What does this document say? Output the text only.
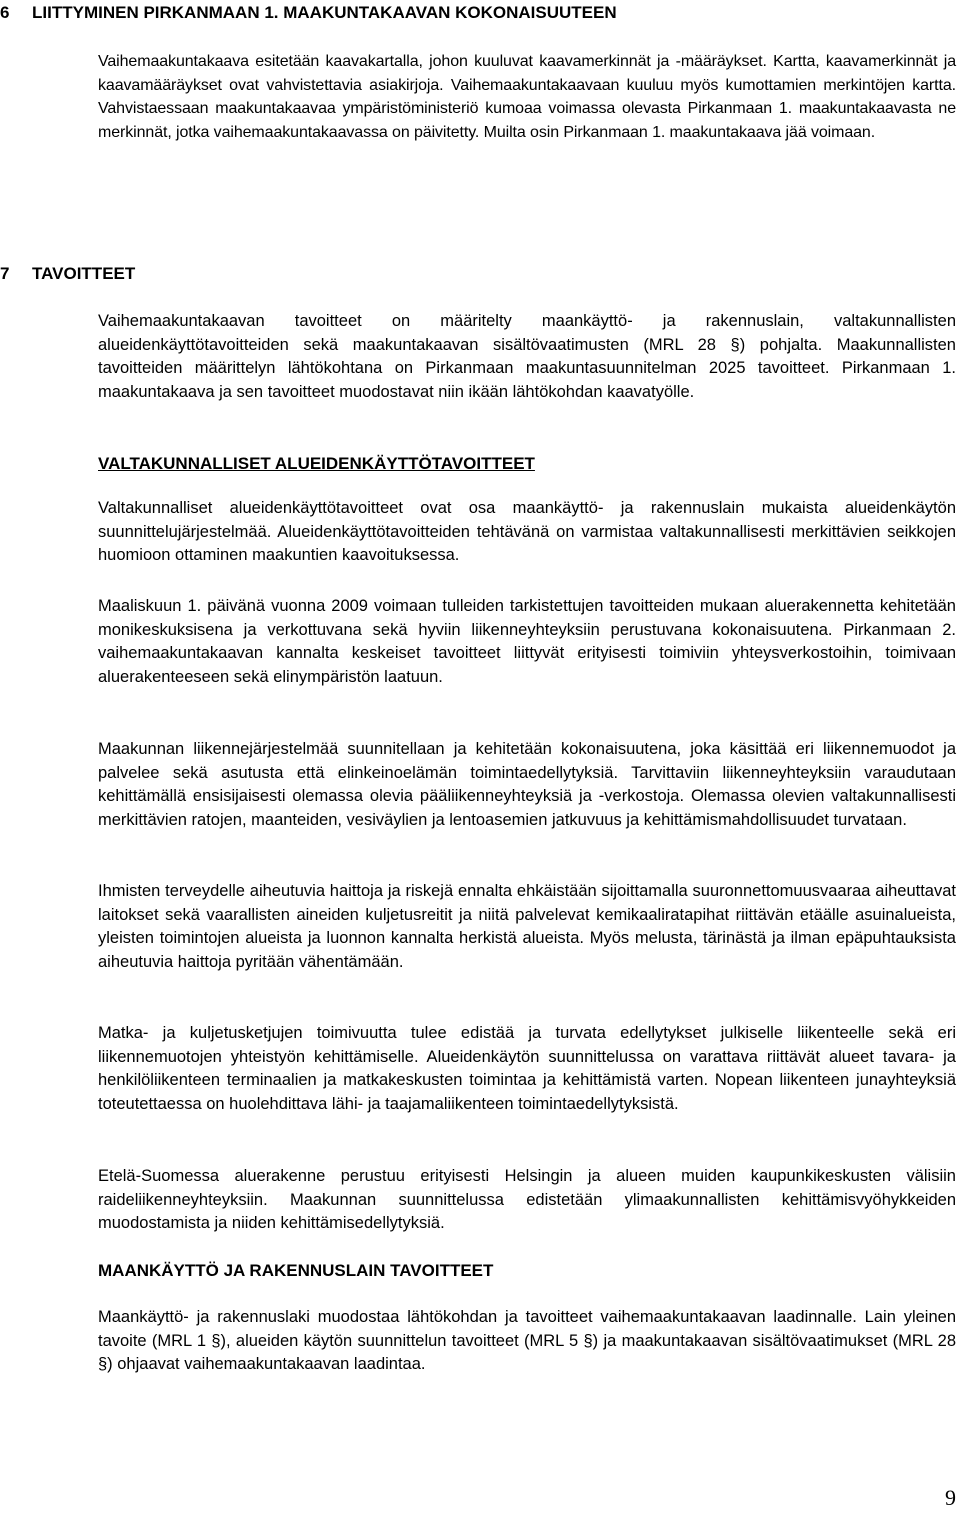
6 LIITTYMINEN PIRKANMAAN 1. MAAKUNTAKAAVAN KOKONAISUUTEEN

Vaihemaakuntakaava esitetään kaavakartalla, johon kuuluvat kaavamerkinnät ja -määräykset. Kartta, kaavamerkinnät ja kaavamääräykset ovat vahvistettavia asiakirjoja. Vaihemaakuntakaavaan kuuluu myös kumottamien merkintöjen kartta. Vahvistaessaan maakuntakaavaa ympäristöministeriö kumoaa voimassa olevasta Pirkanmaan 1. maakuntakaavasta ne merkinnät, jotka vaihemaakuntakaavassa on päivitetty. Muilta osin Pirkanmaan 1. maakuntakaava jää voimaan.

7 TAVOITTEET

Vaihemaakuntakaavan tavoitteet on määritelty maankäyttö- ja rakennuslain, valtakunnallisten alueidenkäyttötavoitteiden sekä maakuntakaavan sisältövaatimusten (MRL 28 §) pohjalta. Maakunnallisten tavoitteiden määrittelyn lähtökohtana on Pirkanmaan maakuntasuunnitelman 2025 tavoitteet. Pirkanmaan 1. maakuntakaava ja sen tavoitteet muodostavat niin ikään lähtökohdan kaavatyölle.

VALTAKUNNALLISET ALUEIDENKÄYTTÖTAVOITTEET

Valtakunnalliset alueidenkäyttötavoitteet ovat osa maankäyttö- ja rakennuslain mukaista alueidenkäytön suunnittelujärjestelmää. Alueidenkäyttötavoitteiden tehtävänä on varmistaa valtakunnallisesti merkittävien seikkojen huomioon ottaminen maakuntien kaavoituksessa.

Maaliskuun 1. päivänä vuonna 2009 voimaan tulleiden tarkistettujen tavoitteiden mukaan aluerakennetta kehitetään monikeskuksisena ja verkottuvana sekä hyviin liikenneyhteyksiin perustuvana kokonaisuutena. Pirkanmaan 2. vaihemaakuntakaavan kannalta keskeiset tavoitteet liittyvät erityisesti toimiviin yhteysverkostoihin, toimivaan aluerakenteeseen sekä elinympäristön laatuun.

Maakunnan liikennejärjestelmää suunnitellaan ja kehitetään kokonaisuutena, joka käsittää eri liikennemuodot ja palvelee sekä asutusta että elinkeinoelämän toimintaedellytyksiä. Tarvittaviin liikenneyhteyksiin varaudutaan kehittämällä ensisijaisesti olemassa olevia pääliikenneyhteyksiä ja -verkostoja. Olemassa olevien valtakunnallisesti merkittävien ratojen, maanteiden, vesiväylien ja lentoasemien jatkuvuus ja kehittämismahdollisuudet turvataan.

Ihmisten terveydelle aiheutuvia haittoja ja riskejä ennalta ehkäistään sijoittamalla suuronnettomuusvaaraa aiheuttavat laitokset sekä vaarallisten aineiden kuljetusreitit ja niitä palvelevat kemikaaliratapihat riittävän etäälle asuinalueista, yleisten toimintojen alueista ja luonnon kannalta herkistä alueista. Myös melusta, tärinästä ja ilman epäpuhtauksista aiheutuvia haittoja pyritään vähentämään.

Matka- ja kuljetusketjujen toimivuutta tulee edistää ja turvata edellytykset julkiselle liikenteelle sekä eri liikennemuotojen yhteistyön kehittämiselle. Alueidenkäytön suunnittelussa on varattava riittävät alueet tavara- ja henkilöliikenteen terminaalien ja matkakeskusten toimintaa ja kehittämistä varten. Nopean liikenteen junayhteyksiä toteutettaessa on huolehdittava lähi- ja taajamaliikenteen toimintaedellytyksistä.

Etelä-Suomessa aluerakenne perustuu erityisesti Helsingin ja alueen muiden kaupunkikeskusten välisiin raideliikenneyhteyksiin. Maakunnan suunnittelussa edistetään ylimaakunnallisten kehittämisvyöhykkeiden muodostamista ja niiden kehittämisedellytyksiä.

MAANKÄYTTÖ JA RAKENNUSLAIN TAVOITTEET

Maankäyttö- ja rakennuslaki muodostaa lähtökohdan ja tavoitteet vaihemaakuntakaavan laadinnalle. Lain yleinen tavoite (MRL 1 §), alueiden käytön suunnittelun tavoitteet (MRL 5 §) ja maakuntakaavan sisältövaatimukset (MRL 28 §) ohjaavat vaihemaakuntakaavan laadintaa.

9
